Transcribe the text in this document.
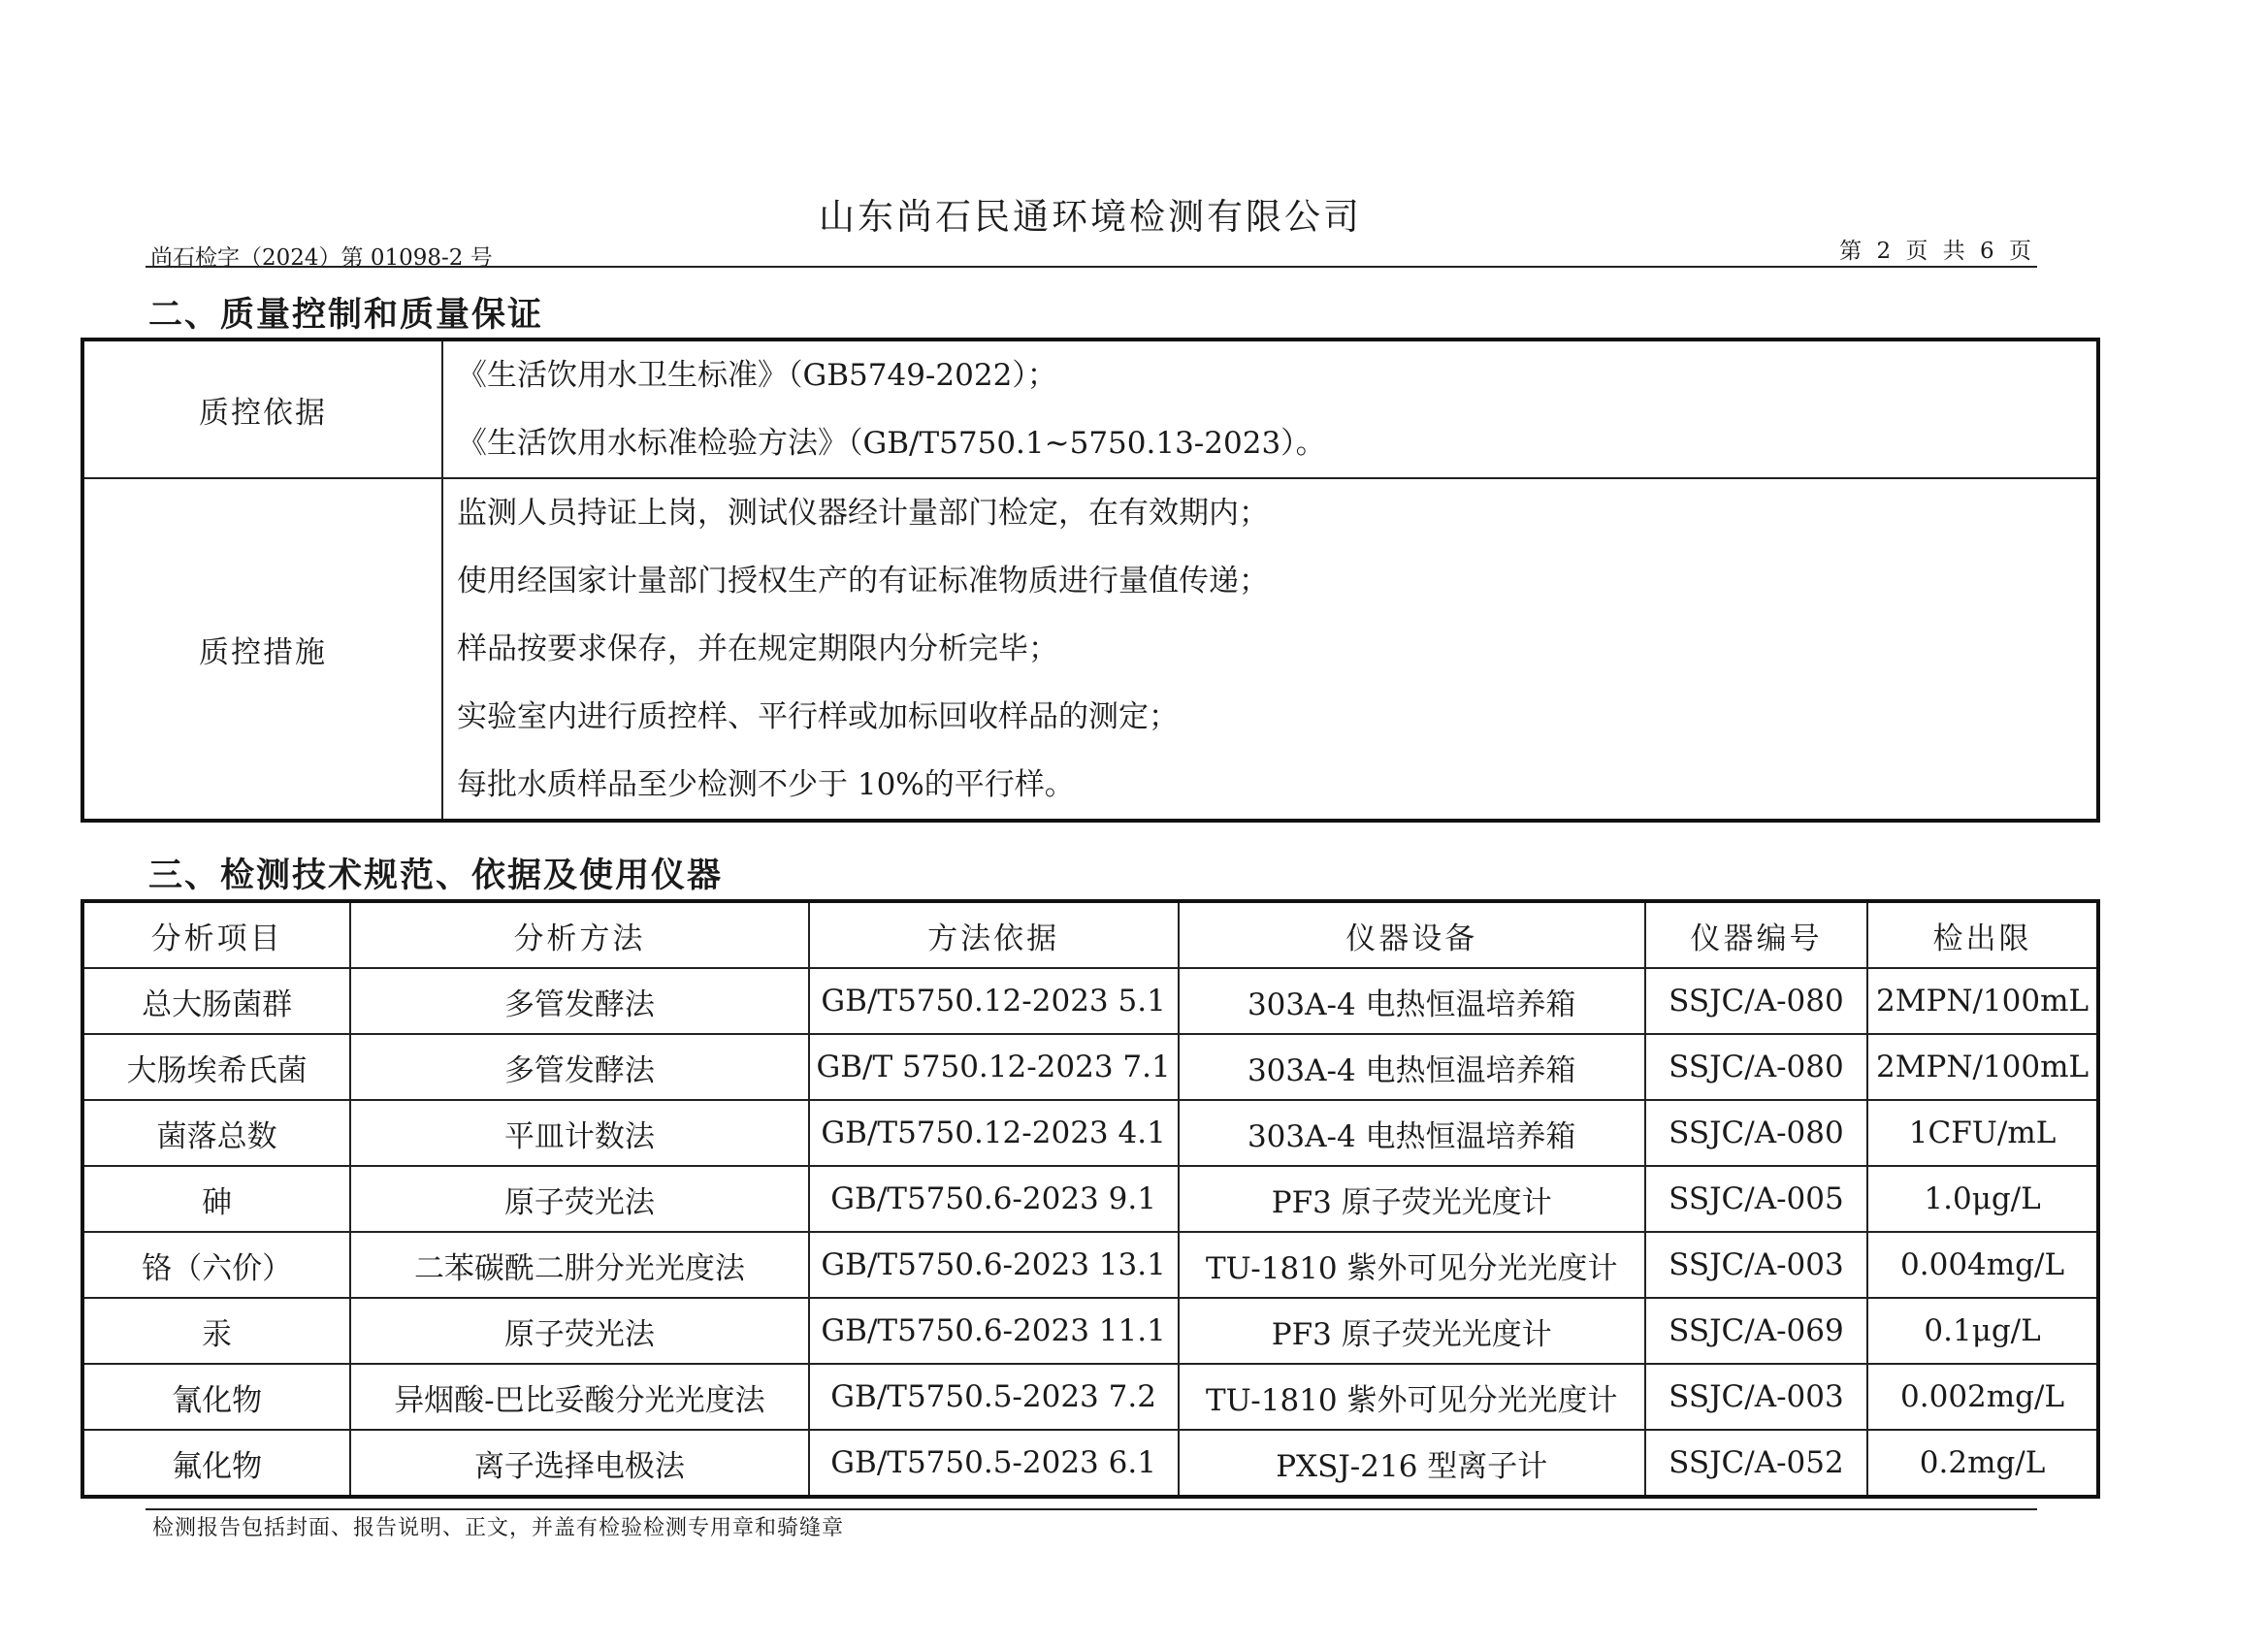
山东尚石民通环境检测有限公司
尚石检字（2024）第 01098-2 号	第 2 页 共 6 页
二、质量控制和质量保证
质控依据	《生活饮用水卫生标准》（GB5749-2022）；
《生活饮用水标准检验方法》（GB/T5750.1~5750.13-2023）。

质控措施	监测人员持证上岗，测试仪器经计量部门检定，在有效期内；
使用经国家计量部门授权生产的有证标准物质进行量值传递；
样品按要求保存，并在规定期限内分析完毕；
实验室内进行质控样、平行样或加标回收样品的测定；
每批水质样品至少检测不少于 10%的平行样。
三、检测技术规范、依据及使用仪器
分析项目	分析方法	方法依据	仪器设备	仪器编号	检出限
总大肠菌群	多管发酵法	GB/T5750.12-2023 5.1	303A-4 电热恒温培养箱	SSJC/A-080	2MPN/100mL
大肠埃希氏菌	多管发酵法	GB/T 5750.12-2023 7.1	303A-4 电热恒温培养箱	SSJC/A-080	2MPN/100mL
菌落总数	平皿计数法	GB/T5750.12-2023 4.1	303A-4 电热恒温培养箱	SSJC/A-080	1CFU/mL
砷	原子荧光法	GB/T5750.6-2023 9.1	PF3 原子荧光光度计	SSJC/A-005	1.0μg/L
铬（六价）	二苯碳酰二肼分光光度法	GB/T5750.6-2023 13.1	TU-1810 紫外可见分光光度计	SSJC/A-003	0.004mg/L
汞	原子荧光法	GB/T5750.6-2023 11.1	PF3 原子荧光光度计	SSJC/A-069	0.1μg/L
氰化物	异烟酸-巴比妥酸分光光度法	GB/T5750.5-2023 7.2	TU-1810 紫外可见分光光度计	SSJC/A-003	0.002mg/L
氟化物	离子选择电极法	GB/T5750.5-2023 6.1	PXSJ-216 型离子计	SSJC/A-052	0.2mg/L
检测报告包括封面、报告说明、正文，并盖有检验检测专用章和骑缝章
